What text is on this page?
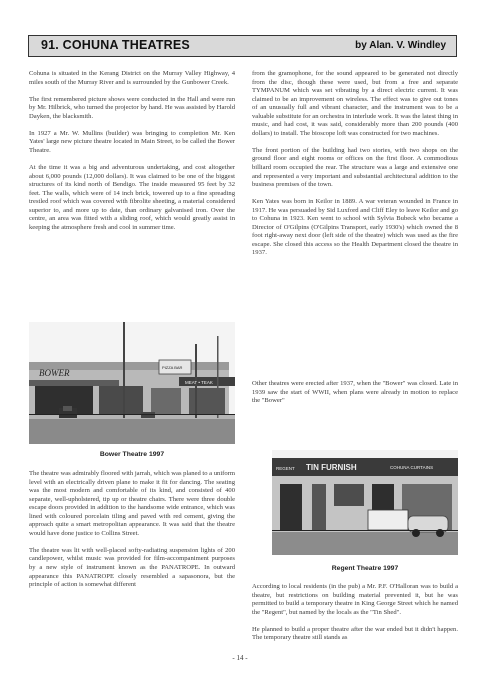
91. COHUNA THEATRES	by Alan. V. Windley

Cohuna is situated in the Kerang District on the Murray Valley Highway, 4 miles south of the Murray River and is surrounded by the Gunbower Creek.

The first remembered picture shows were conducted in the Hall and were run by Mr. Hilbrick, who turned the projector by hand. He was assisted by Harold Dayken, the blacksmith.

In 1927 a Mr. W. Mullins (builder) was bringing to completion Mr. Ken Yates' large new picture theatre located in Main Street, to be called the Bower Theatre.

At the time it was a big and adventurous undertaking, and cost altogether about 6,000 pounds (12,000 dollars). It was claimed to be one of the biggest structures of its kind north of Bendigo. The inside measured 95 feet by 32 feet. The walls, which were of 14 inch brick, towered up to a fine spreading trestled roof which was covered with fibrolite sheeting, a material considered superior to, and more up to date, than ordinary galvanised iron. Over the centre, an area was fitted with a sliding roof, which would greatly assist in keeping the atmosphere fresh and cool in summer time.

BOWER
PIZZA BAR
MEAT • TEAK
Bower Theatre 1997

The theatre was admirably floored with jarrah, which was planed to a uniform level with an electrically driven plane to make it fit for dancing. The seating was the most modern and comfortable of its kind, and consisted of 400 separate, well-upholstered, tip up or theatre chairs. There were three double escape doors provided in addition to the handsome wide entrance, which was lined with coloured porcelain tiling and paved with red cement, giving the approach quite a smart metropolitan appearance. It was said that the theatre would have done justice to Collins Street.

The theatre was lit with well-placed softy-radiating suspension lights of 200 candlepower, whilst music was provided for film-accompaniment purposes by a new style of instrument known as the PANATROPE. In outward appearance this PANATROPE closely resembled a sapasonora, but the principle of action is somewhat different

from the gramophone, for the sound appeared to be generated not directly from the disc, though these were used, but from a free and separate TYMPANUM which was set vibrating by a direct electric current. It was claimed to be an improvement on wireless. The effect was to give out tones of an unusually full and vibrant character, and the instrument was to be a valuable substitute for an orchestra in interlude work. It was the latest thing in music, and had cost, it was said, considerably more than 200 pounds (400 dollars) to install. The bioscope loft was constructed for two machines.

The front portion of the building had two stories, with two shops on the ground floor and eight rooms or offices on the first floor. A commodious billiard room occupied the rear. The structure was a large and extensive one and represented a very important and substantial architectural addition to the business premises of the town.

Ken Yates was born in Keilor in 1889. A war veteran wounded in France in 1917. He was persuaded by Sid Luxford and Cliff Eley to leave Keilor and go to Cohuna in 1923. Ken went to school with Sylvia Bubeck who became a Director of O'Gilpins (O'Gilpins Transport, early 1930's) which owned the 8 foot right-away next door (left side of the theatre) which was used as the fire escape. She closed this access so the Health Department closed the theatre in 1937.

Other theatres were erected after 1937, when the "Bower" was closed. Late in 1939 saw the start of WWII, when plans were already in motion to replace the "Bower"

REGENT TIN FURNISH	COHUNA CURTAINS
Regent Theatre 1997

According to local residents (in the pub) a Mr. P.F. O'Halloran was to build a theatre, but restrictions on building material prevented it, but he was permitted to build a temporary theatre in King George Street which he named the "Regent", but named by the locals as the "Tin Shed".

He planned to build a proper theatre after the war ended but it didn't happen. The temporary theatre still stands as

- 14 -
